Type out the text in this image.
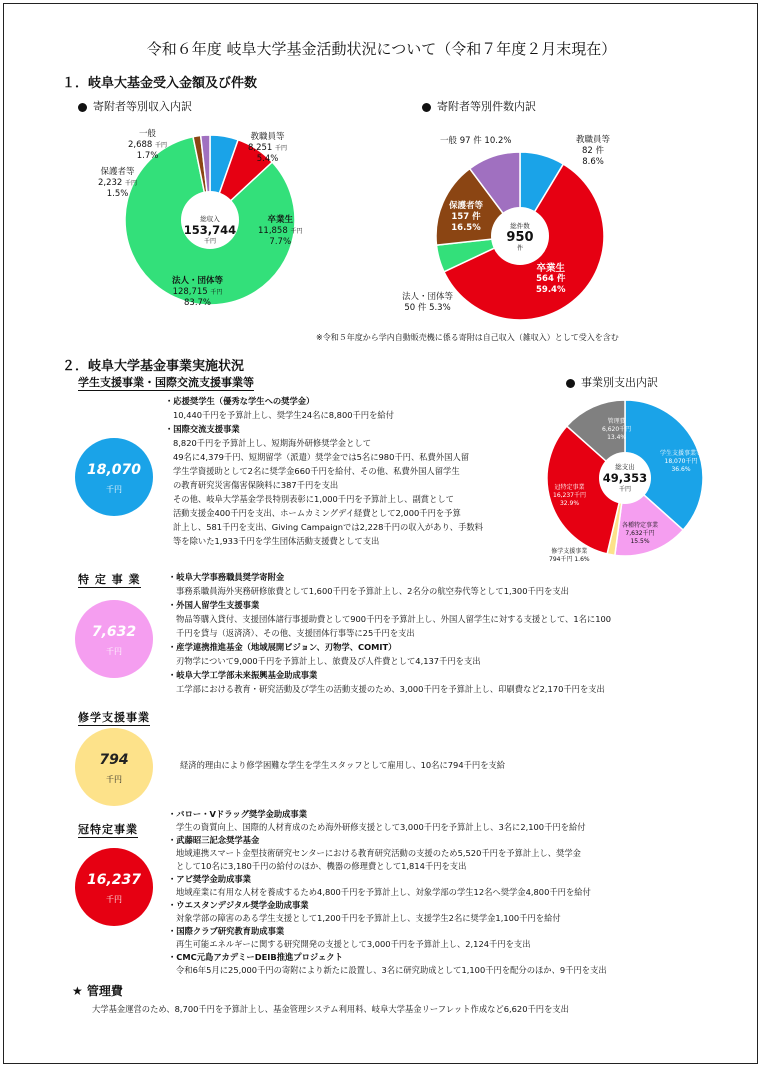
令和６年度 岐阜大学基金活動状況について（令和７年度２月末現在）
１．岐阜大基金受入金額及び件数
寄附者等別収入内訳	寄附者等別件数内訳
総収入
153,744
千円
一般
2,688 千円
1.7%
教職員等
8,251 千円
5.4%
保護者等
2,232 千円
1.5%
卒業生
11,858 千円
7.7%
法人・団体等
128,715 千円
83.7%
総件数
950
件
一般 97 件 10.2%	教職員等
82 件
8.6%
保護者等
157 件
16.5%
卒業生
564 件
59.4%
法人・団体等
50 件 5.3%
※令和５年度から学内自動販売機に係る寄附は自己収入（雑収入）として受入を含む
２．岐阜大学基金事業実施状況
学生支援事業・国際交流支援事業等	事業別支出内訳
総支出
49,353
千円
管理費
6,620千円
13.4%
学生支援事業等
18,070千円
36.6%
各種特定事業
7,632千円
15.5%
修学支援事業
794千円 1.6%
冠特定事業
16,237千円
32.9%
18,070
千円
・応援奨学生（優秀な学生への奨学金）
10,440千円を予算計上し、奨学生24名に8,800千円を給付
・国際交流支援事業
8,820千円を予算計上し、短期海外研修奨学金として
49名に4,379千円、短期留学（派遣）奨学金では5名に980千円、私費外国人留
学生学資援助として2名に奨学金660千円を給付、その他、私費外国人留学生
の教育研究災害傷害保険料に387千円を支出
その他、岐阜大学基金学長特別表彰に1,000千円を予算計上し、副賞として
活動支援金400千円を支出、ホームカミングデイ経費として2,000千円を予算
計上し、581千円を支出、Giving Campaignでは2,228千円の収入があり、手数料
等を除いた1,933千円を学生団体活動支援費として支出
特 定 事 業
7,632
千円
・岐阜大学事務職員奨学寄附金
事務系職員海外実務研修旅費として1,600千円を予算計上し、2名分の航空券代等として1,300千円を支出
・外国人留学生支援事業
物品等購入貸付、支援団体諸行事援助費として900千円を予算計上し、外国人留学生に対する支援として、1名に100
千円を貸与（返済済）、その他、支援団体行事等に25千円を支出
・産学連携推進基金（地域展開ビジョン、刃物学、COMIT）
刃物学について9,000千円を予算計上し、旅費及び人件費として4,137千円を支出
・岐阜大学工学部未来振興基金助成事業
工学部における教育・研究活動及び学生の活動支援のため、3,000千円を予算計上し、印刷費など2,170千円を支出
修学支援事業
794
千円
経済的理由により修学困難な学生を学生スタッフとして雇用し、10名に794千円を支給
冠特定事業
16,237
千円
・バロー・Vドラッグ奨学金助成事業
学生の資質向上、国際的人材育成のため海外研修支援として3,000千円を予算計上し、3名に2,100千円を給付
・武藤昭三記念奨学基金
地域連携スマート金型技術研究センターにおける教育研究活動の支援のため5,520千円を予算計上し、奨学金
として10名に3,180千円の給付のほか、機器の修理費として1,814千円を支出
・アビ奨学金助成事業
地域産業に有用な人材を養成するため4,800千円を予算計上し、対象学部の学生12名へ奨学金4,800千円を給付
・ウエスタンデジタル奨学金助成事業
対象学部の障害のある学生支援として1,200千円を予算計上し、支援学生2名に奨学金1,100千円を給付
・国際クラブ研究教育助成事業
再生可能エネルギーに関する研究開発の支援として3,000千円を予算計上し、2,124千円を支出
・CMC元島アカデミーDEIB推進プロジェクト
令和6年5月に25,000千円の寄附により新たに設置し、3名に研究助成として1,100千円を配分のほか、9千円を支出
★ 管理費
大学基金運営のため、8,700千円を予算計上し、基金管理システム利用料、岐阜大学基金リーフレット作成など6,620千円を支出
